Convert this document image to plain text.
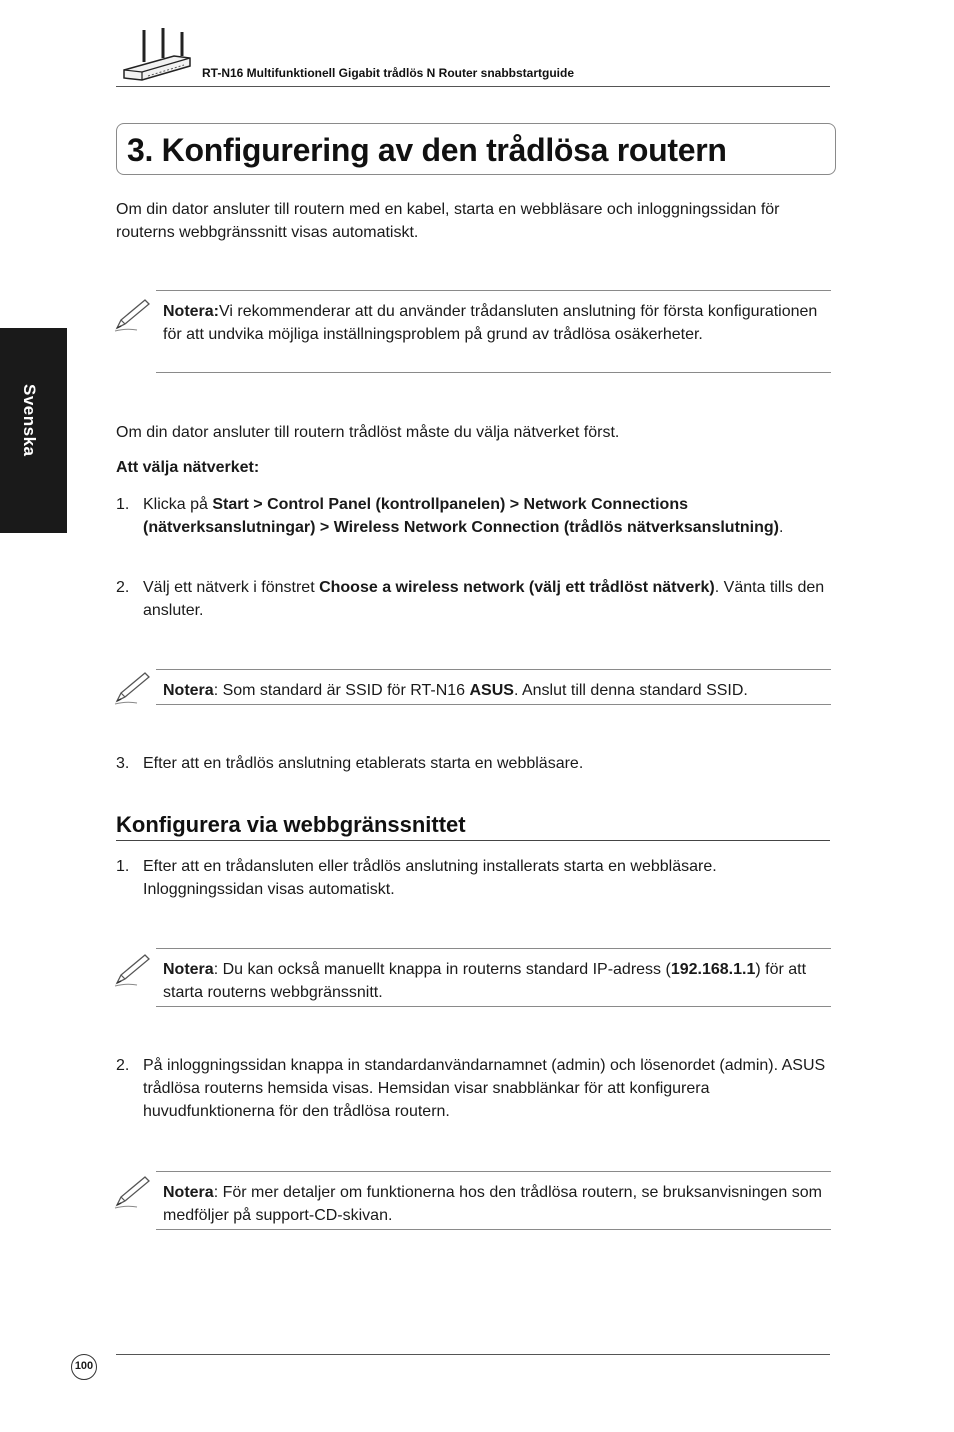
RT-N16 Multifunktionell Gigabit trådlös N Router snabbstartguide
Svenska
3. Konfigurering av den trådlösa routern
Om din dator ansluter till routern med en kabel, starta en webbläsare och inloggningssidan för routerns webbgränssnitt visas automatiskt.
Notera:Vi rekommenderar att du använder trådansluten anslutning för första konfigurationen för att undvika möjliga inställningsproblem på grund av trådlösa osäkerheter.
Om din dator ansluter till routern trådlöst måste du välja nätverket först.
Att välja nätverket:
1. Klicka på Start > Control Panel (kontrollpanelen) > Network Connections (nätverksanslutningar) > Wireless Network Connection (trådlös nätverksanslutning).
2. Välj ett nätverk i fönstret Choose a wireless network (välj ett trådlöst nätverk). Vänta tills den ansluter.
Notera: Som standard är SSID för RT-N16 ASUS. Anslut till denna standard SSID.
3. Efter att en trådlös anslutning etablerats starta en webbläsare.
Konfigurera via webbgränssnittet
1. Efter att en trådansluten eller trådlös anslutning installerats starta en webbläsare. Inloggningssidan visas automatiskt.
Notera: Du kan också manuellt knappa in routerns standard IP-adress (192.168.1.1) för att starta routerns webbgränssnitt.
2. På inloggningssidan knappa in standardanvändarnamnet (admin) och lösenordet (admin). ASUS trådlösa routerns hemsida visas. Hemsidan visar snabblänkar för att konfigurera huvudfunktionerna för den trådlösa routern.
Notera: För mer detaljer om funktionerna hos den trådlösa routern, se bruksanvisningen som medföljer på support-CD-skivan.
100
